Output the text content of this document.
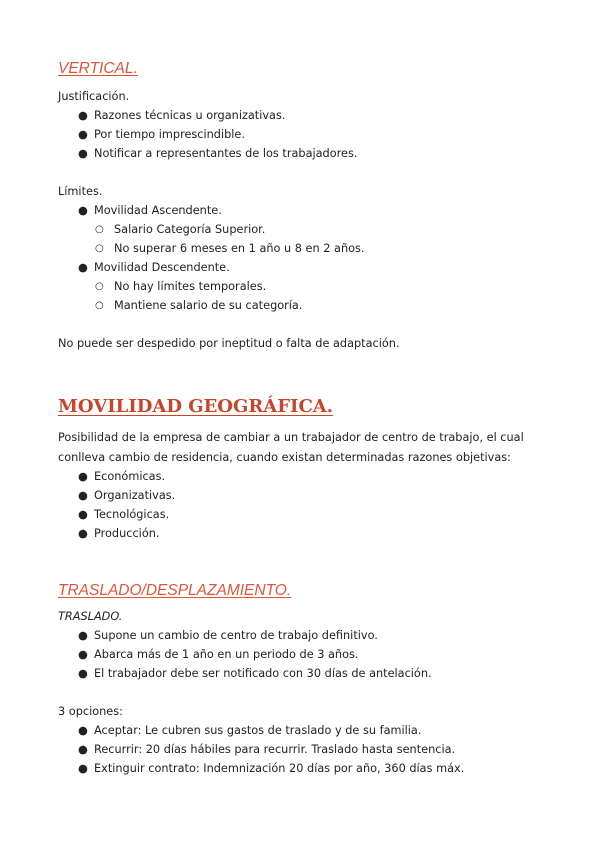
VERTICAL.

Justificación.

● Razones técnicas u organizativas.
● Por tiempo imprescindible.
● Notificar a representantes de los trabajadores.

Límites.

● Movilidad Ascendente.
○ Salario Categoría Superior.
○ No superar 6 meses en 1 año u 8 en 2 años.
● Movilidad Descendente.
○ No hay límites temporales.
○ Mantiene salario de su categoría.

No puede ser despedido por ineptitud o falta de adaptación.

MOVILIDAD GEOGRÁFICA.

Posibilidad de la empresa de cambiar a un trabajador de centro de trabajo, el cual

conlleva cambio de residencia, cuando existan determinadas razones objetivas:

● Económicas.
● Organizativas.
● Tecnológicas.
● Producción.
TRASLADO/DESPLAZAMIENTO.

TRASLADO.

● Supone un cambio de centro de trabajo definitivo.
● Abarca más de 1 año en un periodo de 3 años.
● El trabajador debe ser notificado con 30 días de antelación.

3 opciones:

● Aceptar: Le cubren sus gastos de traslado y de su familia.
● Recurrir: 20 días hábiles para recurrir. Traslado hasta sentencia.
● Extinguir contrato: Indemnización 20 días por año, 360 días máx.
